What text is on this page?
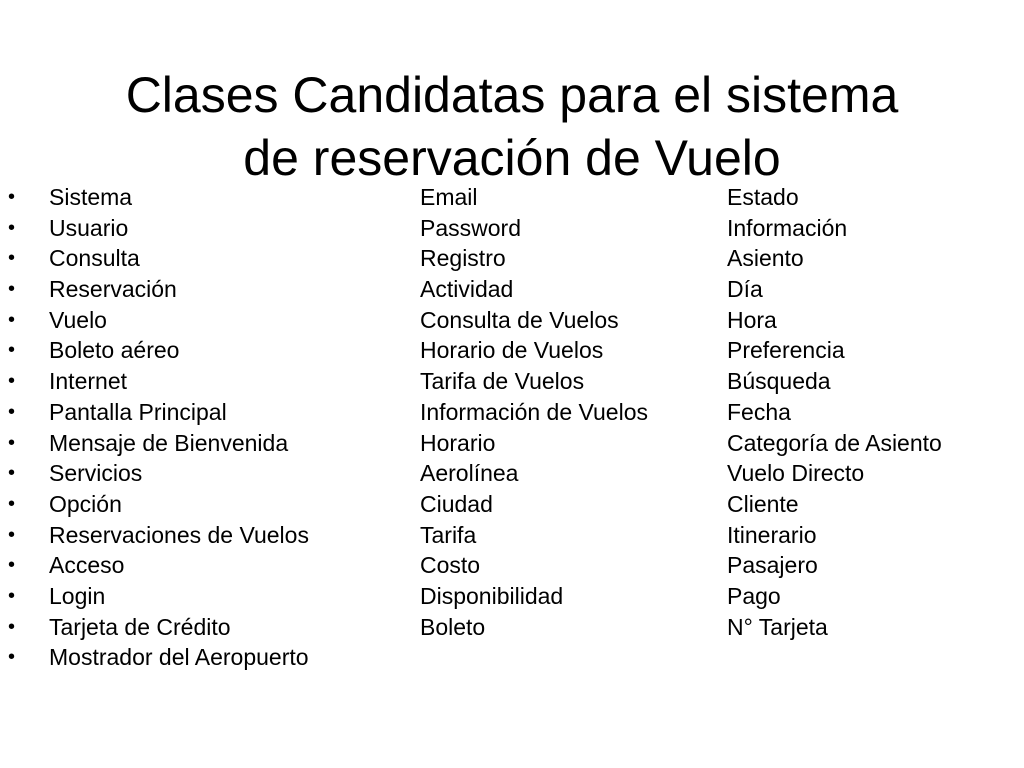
Clases Candidatas para el sistema
de reservación de Vuelo
• Sistema
• Usuario
• Consulta
• Reservación
• Vuelo
• Boleto aéreo
• Internet
• Pantalla Principal
• Mensaje de Bienvenida
• Servicios
• Opción
• Reservaciones de Vuelos
• Acceso
• Login
• Tarjeta de Crédito
• Mostrador del Aeropuerto
Email
Password
Registro
Actividad
Consulta de Vuelos
Horario de Vuelos
Tarifa de Vuelos
Información de Vuelos
Horario
Aerolínea
Ciudad
Tarifa
Costo
Disponibilidad
Boleto
Estado
Información
Asiento
Día
Hora
Preferencia
Búsqueda
Fecha
Categoría de Asiento
Vuelo Directo
Cliente
Itinerario
Pasajero
Pago
N° Tarjeta
